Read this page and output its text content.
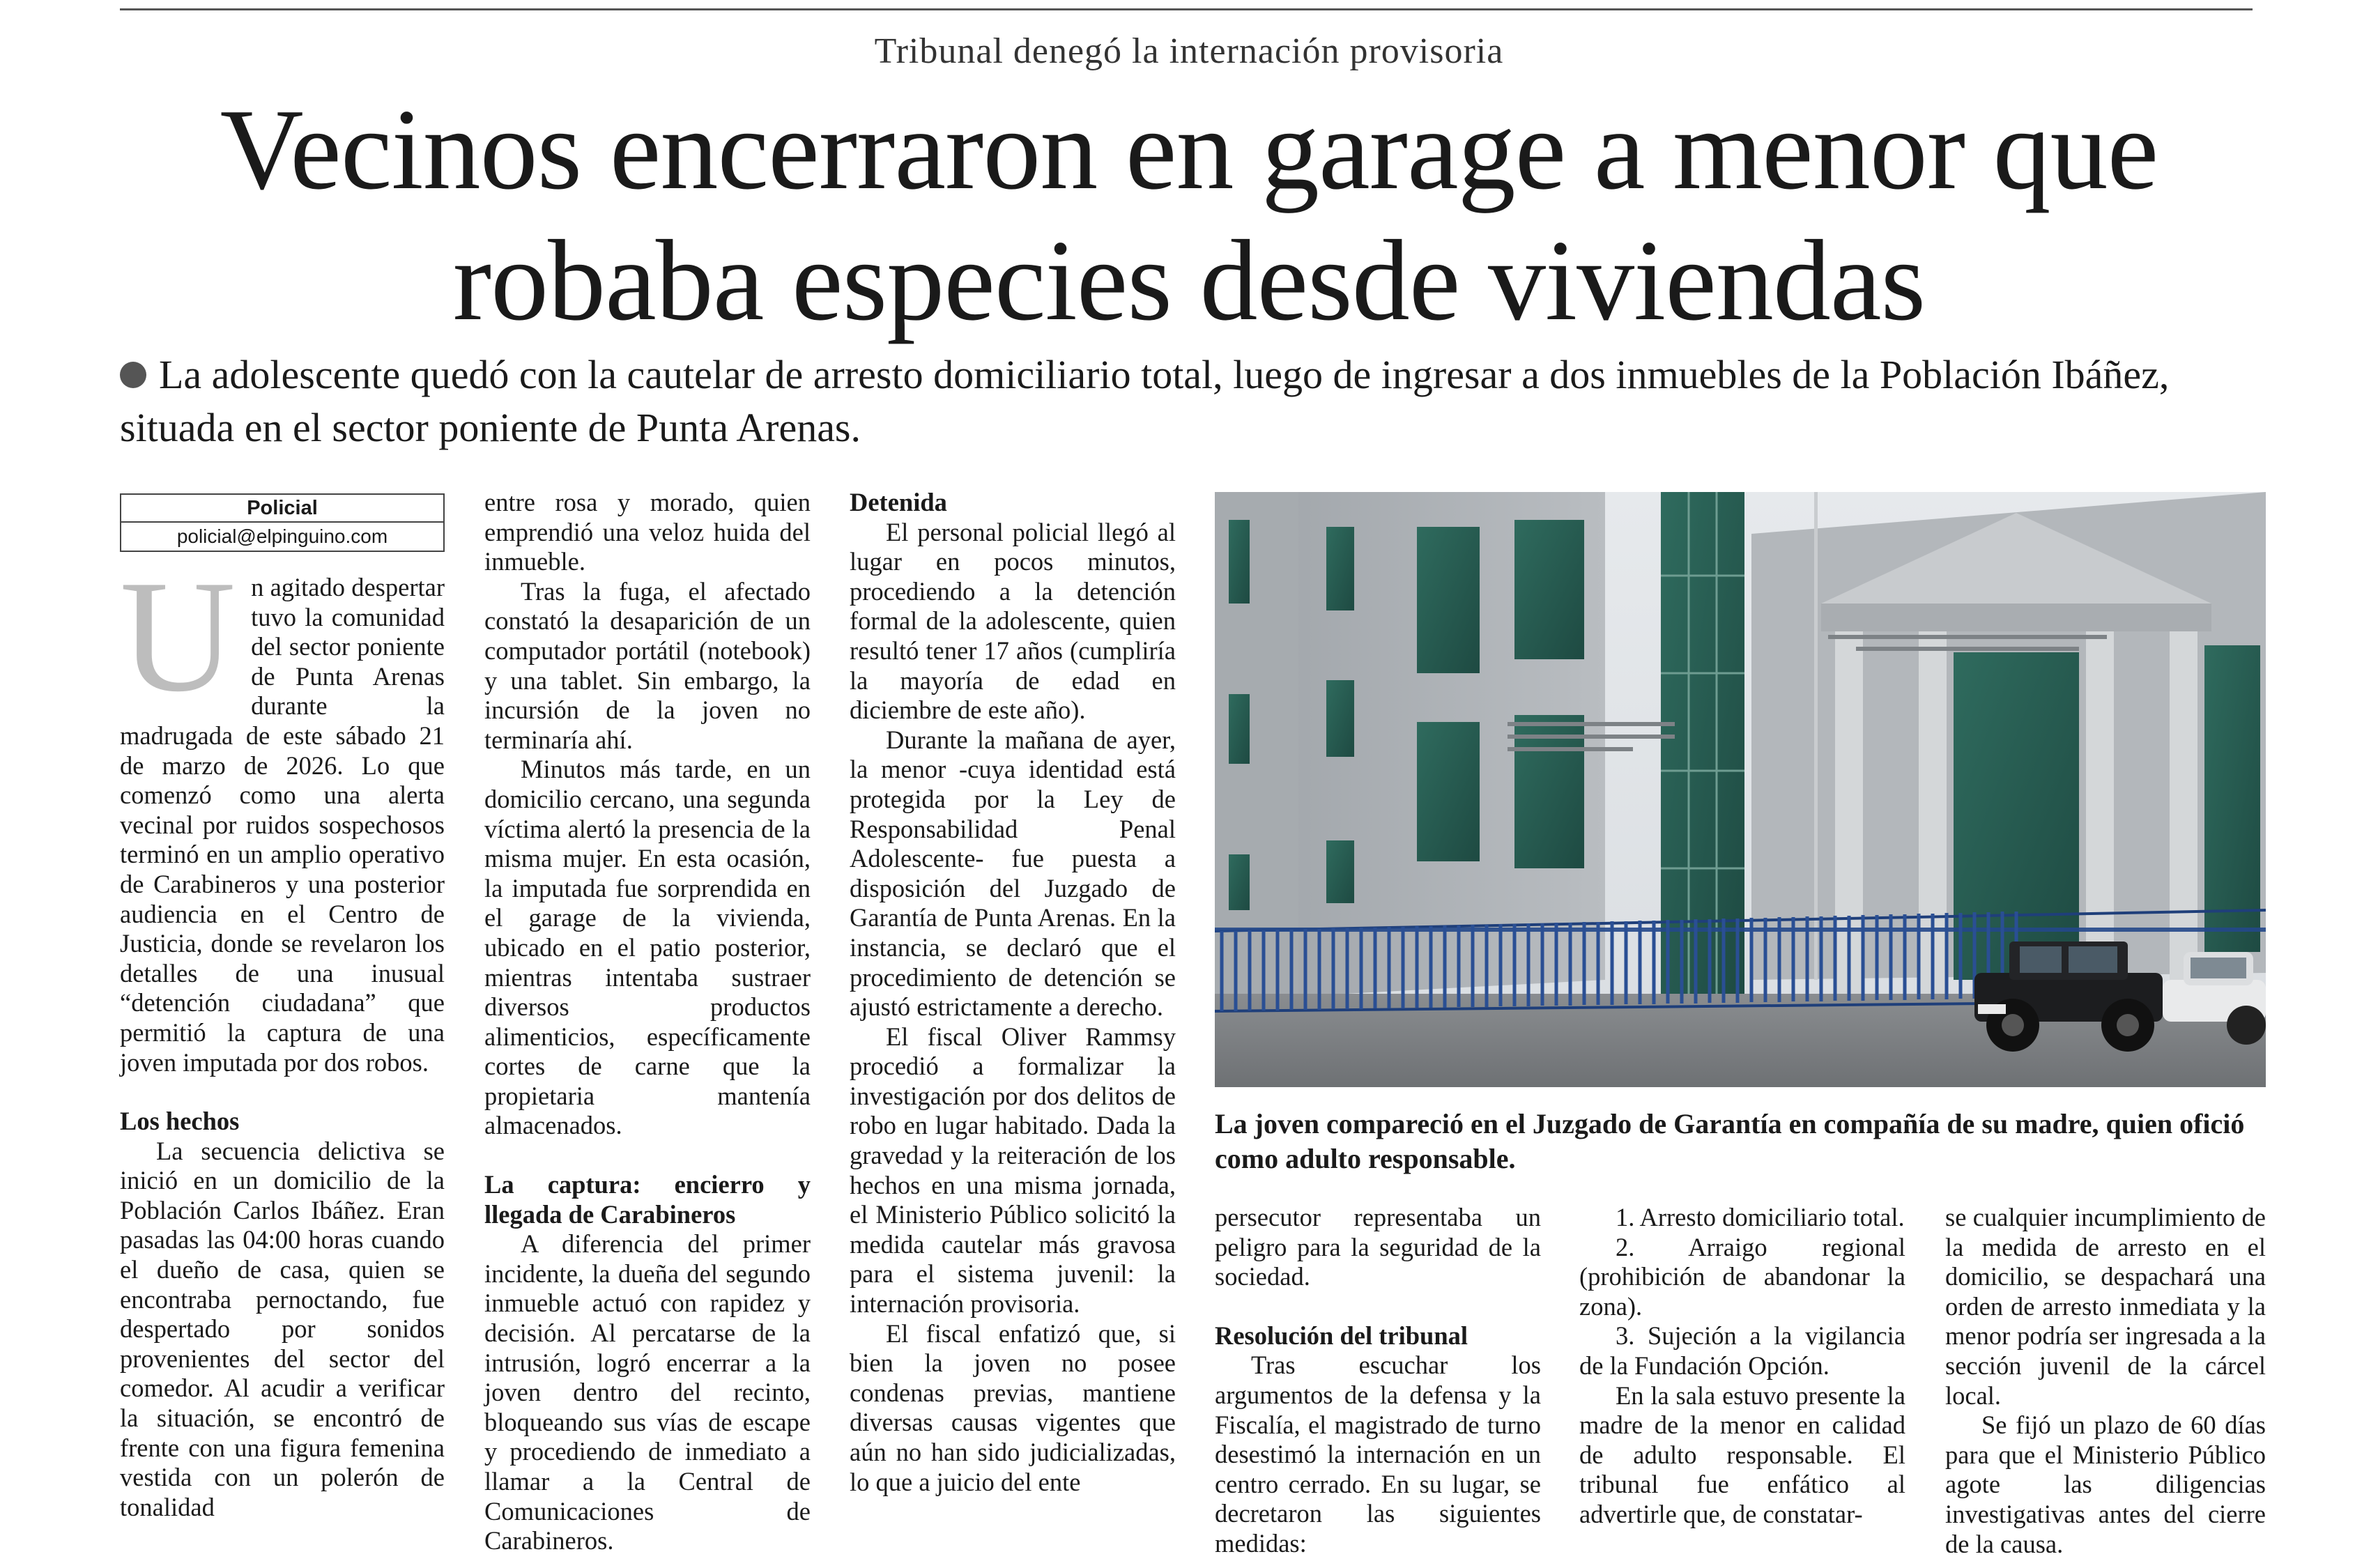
Tribunal denegó la internación provisoria
Vecinos encerraron en garage a menor que robaba especies desde viviendas

La adolescente quedó con la cautelar de arresto domiciliario total, luego de ingresar a dos inmuebles de la Población Ibáñez, situada en el sector poniente de Punta Arenas.

Policial
policial@elpinguino.com
U n agitado despertar tuvo la comunidad del sector poniente de Punta Arenas durante la madrugada de este sábado 21 de marzo de 2026. Lo que comenzó como una alerta vecinal por ruidos sospechosos terminó en un amplio operativo de Carabineros y una posterior audiencia en el Centro de Justicia, donde se revelaron los detalles de una inusual “detención ciudadana” que permitió la captura de una joven imputada por dos robos.

Los hechos

La secuencia delictiva se inició en un domicilio de la Población Carlos Ibáñez. Eran pasadas las 04:00 horas cuando el dueño de casa, quien se encontraba pernoctando, fue despertado por sonidos provenientes del sector del comedor. Al acudir a verificar la situación, se encontró de frente con una figura femenina vestida con un polerón de tonalidad

entre rosa y morado, quien emprendió una veloz huida del inmueble.

Tras la fuga, el afectado constató la desaparición de un computador portátil (notebook) y una tablet. Sin embargo, la incursión de la joven no terminaría ahí.

Minutos más tarde, en un domicilio cercano, una segunda víctima alertó la presencia de la misma mujer. En esta ocasión, la imputada fue sorprendida en el garage de la vivienda, ubicado en el patio posterior, mientras intentaba sustraer diversos productos alimenticios, específicamente cortes de carne que la propietaria mantenía almacenados.

La captura: encierro y llegada de Carabineros

A diferencia del primer incidente, la dueña del segundo inmueble actuó con rapidez y decisión. Al percatarse de la intrusión, logró encerrar a la joven dentro del recinto, bloqueando sus vías de escape y procediendo de inmediato a llamar a la Central de Comunicaciones de Carabineros.

Detenida

El personal policial llegó al lugar en pocos minutos, procediendo a la detención formal de la adolescente, quien resultó tener 17 años (cumpliría la mayoría de edad en diciembre de este año).

Durante la mañana de ayer, la menor -cuya identidad está protegida por la Ley de Responsabilidad Penal Adolescente- fue puesta a disposición del Juzgado de Garantía de Punta Arenas. En la instancia, se declaró que el procedimiento de detención se ajustó estrictamente a derecho.

El fiscal Oliver Rammsy procedió a formalizar la investigación por dos delitos de robo en lugar habitado. Dada la gravedad y la reiteración de los hechos en una misma jornada, el Ministerio Público solicitó la medida cautelar más gravosa para el sistema juvenil: la internación provisoria.

El fiscal enfatizó que, si bien la joven no posee condenas previas, mantiene diversas causas vigentes que aún no han sido judicializadas, lo que a juicio del ente

La joven compareció en el Juzgado de Garantía en compañía de su madre, quien ofició como adulto responsable.

persecutor representaba un peligro para la seguridad de la sociedad.

Resolución del tribunal

Tras escuchar los argumentos de la defensa y la Fiscalía, el magistrado de turno desestimó la internación en un centro cerrado. En su lugar, se decretaron las siguientes medidas:

1. Arresto domiciliario total.

2. Arraigo regional (prohibición de abandonar la zona).

3. Sujeción a la vigilancia de la Fundación Opción.

En la sala estuvo presente la madre de la menor en calidad de adulto responsable. El tribunal fue enfático al advertirle que, de constatar-

se cualquier incumplimiento de la medida de arresto en el domicilio, se despachará una orden de arresto inmediata y la menor podría ser ingresada a la sección juvenil de la cárcel local.

Se fijó un plazo de 60 días para que el Ministerio Público agote las diligencias investigativas antes del cierre de la causa.
